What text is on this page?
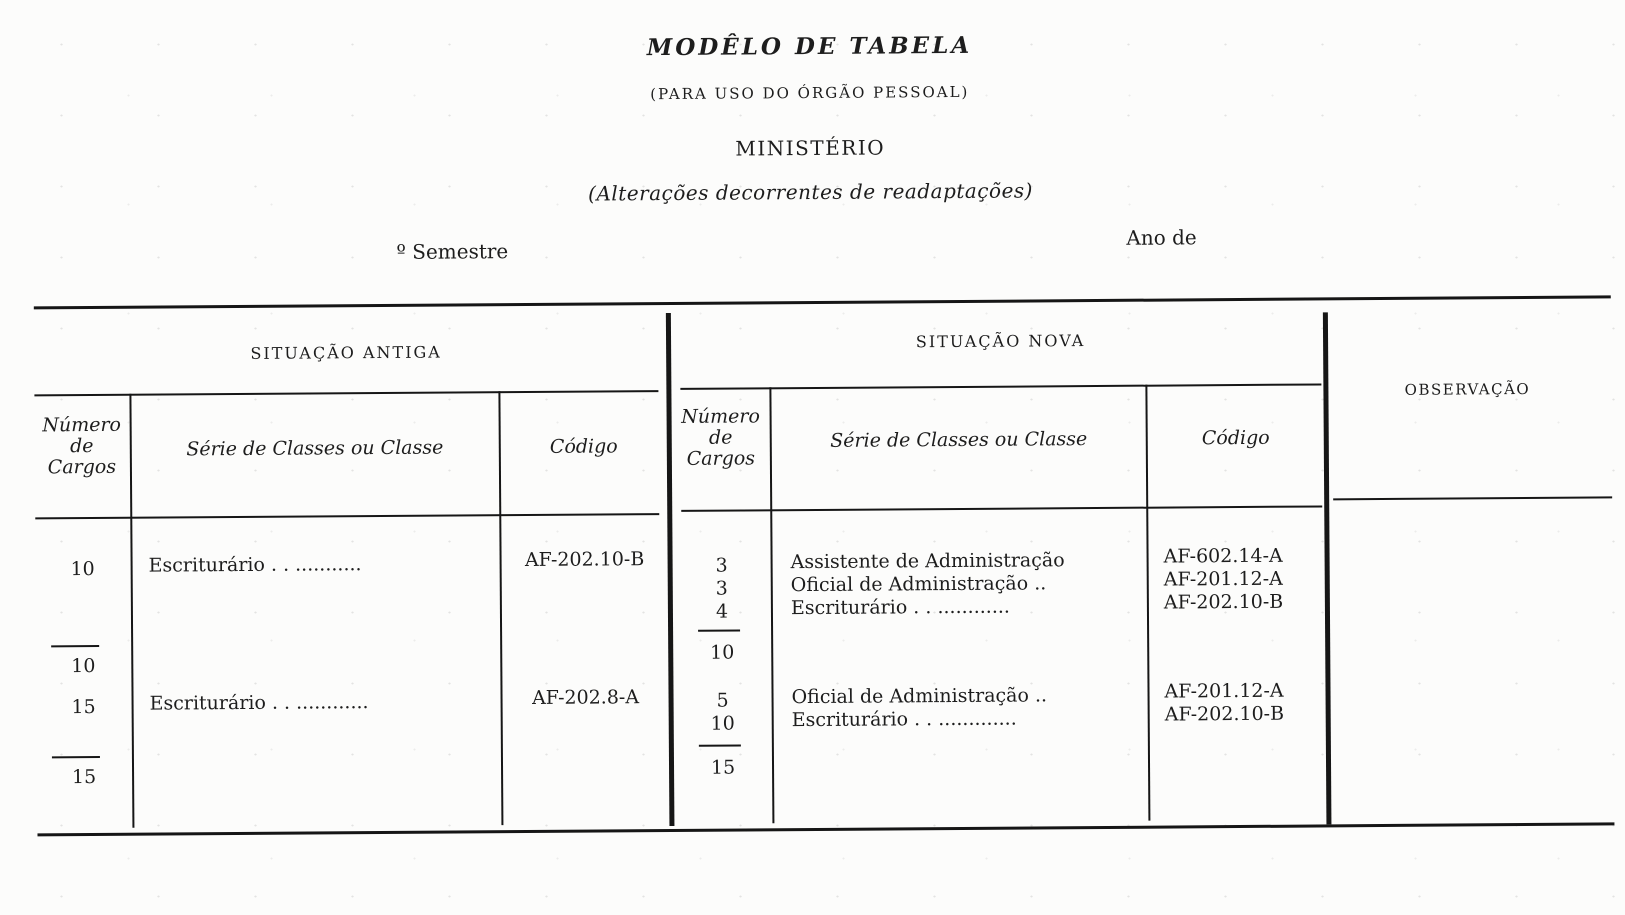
MODÊLO DE TABELA
(PARA USO DO ÓRGÃO PESSOAL)
MINISTÉRIO
(Alterações decorrentes de readaptações)
º Semestre
Ano de
SITUAÇÃO ANTIGA
SITUAÇÃO NOVA
OBSERVAÇÃO
Número
de
Cargos
Série de Classes ou Classe	Código
Número
de
Cargos
Série de Classes ou Classe	Código
10	Escriturário . . ...........	AF-202.10-B
10
3	Assistente de Administração	AF-602.14-A
3	Oficial de Administração ..	AF-201.12-A
4	Escriturário . . ............	AF-202.10-B
10
15	Escriturário . . ............	AF-202.8-A
15
5	Oficial de Administração ..	AF-201.12-A
10	Escriturário . . .............	AF-202.10-B
15
